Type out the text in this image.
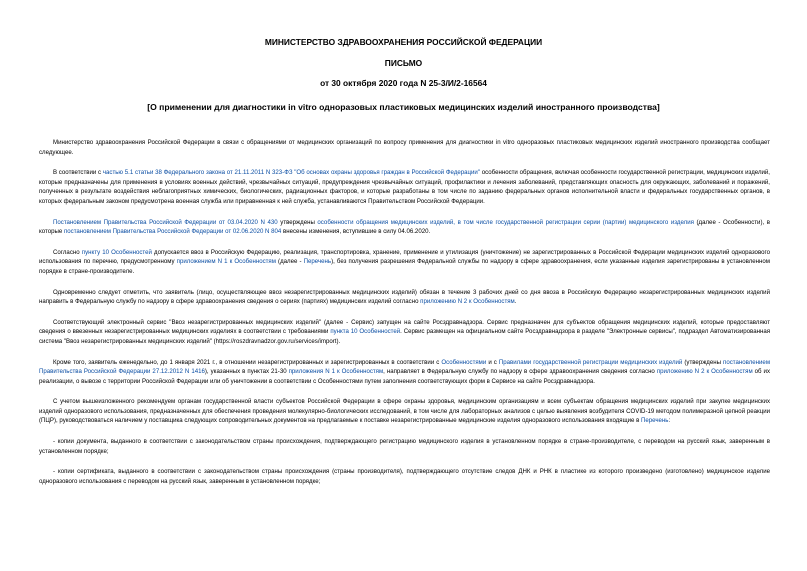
МИНИСТЕРСТВО ЗДРАВООХРАНЕНИЯ РОССИЙСКОЙ ФЕДЕРАЦИИ
ПИСЬМО
от 30 октября 2020 года N 25-3/И/2-16564
[О применении для диагностики in vitro одноразовых пластиковых медицинских изделий иностранного производства]

Министерство здравоохранения Российской Федерации в связи с обращениями от медицинских организаций по вопросу применения для диагностики in vitro одноразовых пластиковых медицинских изделий иностранного производства сообщает следующее.

В соответствии с частью 5.1 статьи 38 Федерального закона от 21.11.2011 N 323-ФЗ "Об основах охраны здоровья граждан в Российской Федерации" особенности обращения, включая особенности государственной регистрации, медицинских изделий, которые предназначены для применения в условиях военных действий, чрезвычайных ситуаций, предупреждения чрезвычайных ситуаций, профилактики и лечения заболеваний, представляющих опасность для окружающих, заболеваний и поражений, полученных в результате воздействия неблагоприятных химических, биологических, радиационных факторов, и которые разработаны в том числе по заданию федеральных органов исполнительной власти и федеральных государственных органов, в которых федеральным законом предусмотрена военная служба или приравненная к ней служба, устанавливаются Правительством Российской Федерации.

Постановлением Правительства Российской Федерации от 03.04.2020 N 430 утверждены особенности обращения медицинских изделий, в том числе государственной регистрации серии (партии) медицинского изделия (далее - Особенности), в которые постановлением Правительства Российской Федерации от 02.06.2020 N 804 внесены изменения, вступившие в силу 04.06.2020.

Согласно пункту 10 Особенностей допускается ввоз в Российскую Федерацию, реализация, транспортировка, хранение, применение и утилизация (уничтожение) не зарегистрированных в Российской Федерации медицинских изделий одноразового использования по перечню, предусмотренному приложением N 1 к Особенностям (далее - Перечень), без получения разрешения Федеральной службы по надзору в сфере здравоохранения, если указанные изделия зарегистрированы в установленном порядке в стране-производителе.

Одновременно следует отметить, что заявитель (лицо, осуществляющее ввоз незарегистрированных медицинских изделий) обязан в течение 3 рабочих дней со дня ввоза в Российскую Федерацию незарегистрированных медицинских изделий направить в Федеральную службу по надзору в сфере здравоохранения сведения о сериях (партиях) медицинских изделий согласно приложению N 2 к Особенностям.

Соответствующий электронный сервис "Ввоз незарегистрированных медицинских изделий" (далее - Сервис) запущен на сайте Росздравнадзора. Сервис предназначен для субъектов обращения медицинских изделий, которые предоставляют сведения о ввезенных незарегистрированных медицинских изделиях в соответствии с требованиями пункта 10 Особенностей. Сервис размещен на официальном сайте Росздравнадзора в разделе "Электронные сервисы", подраздел Автоматизированная система "Ввоз незарегистрированных медицинских изделий" (https://roszdravnadzor.gov.ru/services/import).

Кроме того, заявитель еженедельно, до 1 января 2021 г., в отношении незарегистрированных и зарегистрированных в соответствии с Особенностями и с Правилами государственной регистрации медицинских изделий (утверждены постановлением Правительства Российской Федерации 27.12.2012 N 1416), указанных в пунктах 21-30 приложения N 1 к Особенностям, направляет в Федеральную службу по надзору в сфере здравоохранения сведения согласно приложению N 2 к Особенностям об их реализации, о вывозе с территории Российской Федерации или об уничтожении в соответствии с Особенностями путем заполнения соответствующих форм в Сервисе на сайте Росздравнадзора.

С учетом вышеизложенного рекомендуем органам государственной власти субъектов Российской Федерации в сфере охраны здоровья, медицинским организациям и всем субъектам обращения медицинских изделий при закупке медицинских изделий одноразового использования, предназначенных для обеспечения проведения молекулярно-биологических исследований, в том числе для лабораторных анализов с целью выявления возбудителя COVID-19 методом полимеразной цепной реакции (ПЦР), руководствоваться наличием у поставщика следующих сопроводительных документов на предлагаемые к поставке незарегистрированные медицинские изделия одноразового использования входящие в Перечень:

- копии документа, выданного в соответствии с законодательством страны происхождения, подтверждающего регистрацию медицинского изделия в установленном порядке в стране-производителе, с переводом на русский язык, заверенным в установленном порядке;

- копии сертификата, выданного в соответствии с законодательством страны происхождения (страны производителя), подтверждающего отсутствие следов ДНК и РНК в пластике из которого произведено (изготовлено) медицинское изделие одноразового использования с переводом на русский язык, заверенным в установленном порядке;
